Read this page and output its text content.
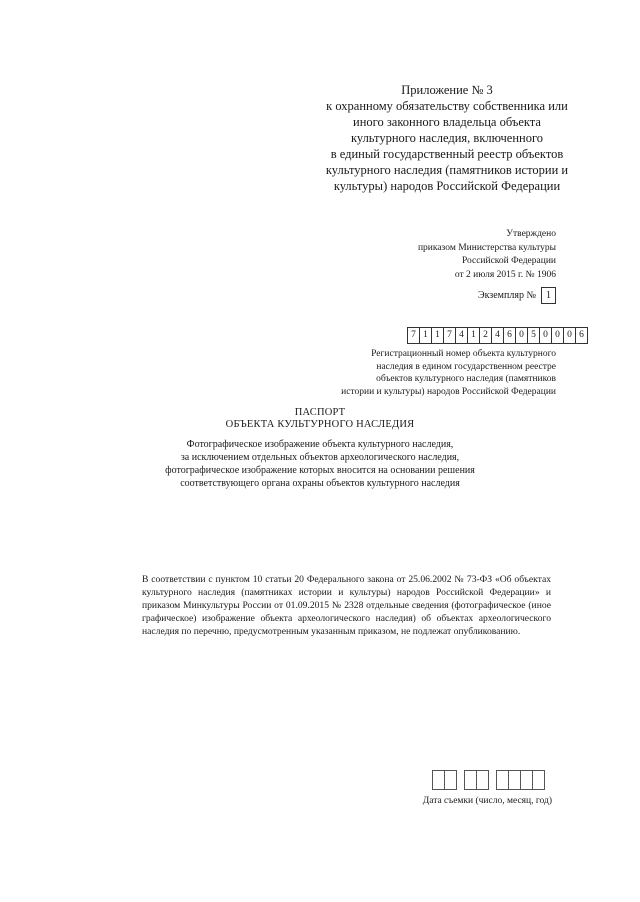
Приложение № 3
к охранному обязательству собственника или
иного законного владельца объекта
культурного наследия, включенного
в единый государственный реестр объектов
культурного наследия (памятников истории и
культуры) народов Российской Федерации
Утверждено
приказом Министерства культуры
Российской Федерации
от 2 июля 2015 г. № 1906
Экземпляр №	1
7 1 1 7 4 1 2 4 6 0 5 0 0 0 6
Регистрационный номер объекта культурного
наследия в едином государственном реестре
объектов культурного наследия (памятников
истории и культуры) народов Российской Федерации
ПАСПОРТ
ОБЪЕКТА КУЛЬТУРНОГО НАСЛЕДИЯ
Фотографическое изображение объекта культурного наследия,
за исключением отдельных объектов археологического наследия,
фотографическое изображение которых вносится на основании решения
соответствующего органа охраны объектов культурного наследия
В соответствии с пунктом 10 статьи 20 Федерального закона от 25.06.2002 № 73-ФЗ «Об объектах культурного наследия (памятниках истории и культуры) народов Российской Федерации» и приказом Минкультуры России от 01.09.2015 № 2328 отдельные сведения (фотографическое (иное графическое) изображение объекта археологического наследия) об объектах археологического наследия по перечню, предусмотренным указанным приказом, не подлежат опубликованию.
Дата съемки (число, месяц, год)
